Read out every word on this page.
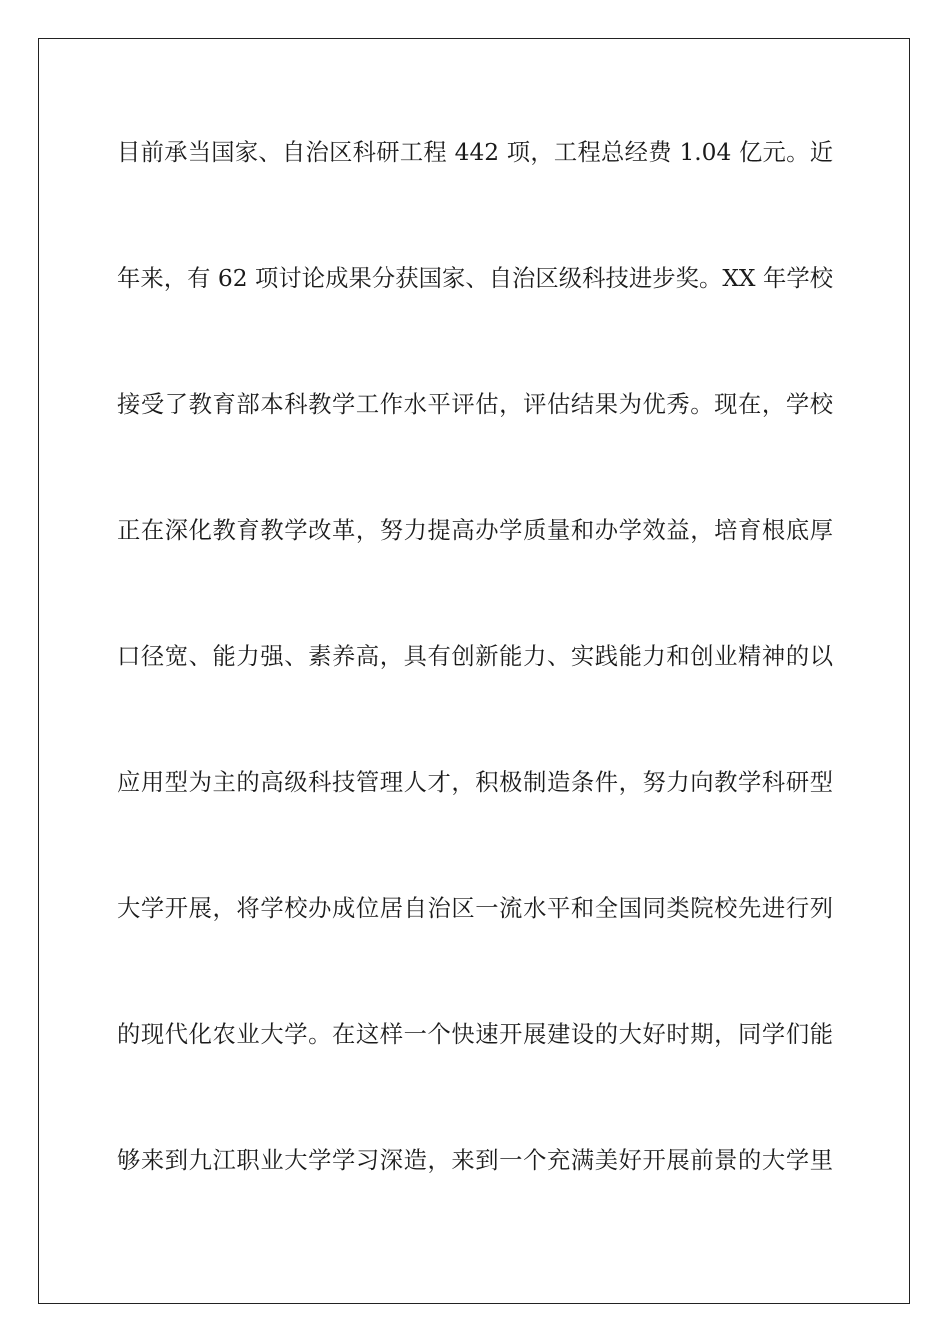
目前承当国家、自治区科研工程 442 项，工程总经费 1.04 亿元。近
年来，有 62 项讨论成果分获国家、自治区级科技进步奖。XX 年学校
接受了教育部本科教学工作水平评估，评估结果为优秀。现在，学校
正在深化教育教学改革，努力提高办学质量和办学效益，培育根底厚
口径宽、能力强、素养高，具有创新能力、实践能力和创业精神的以
应用型为主的高级科技管理人才，积极制造条件，努力向教学科研型
大学开展，将学校办成位居自治区一流水平和全国同类院校先进行列
的现代化农业大学。在这样一个快速开展建设的大好时期，同学们能
够来到九江职业大学学习深造，来到一个充满美好开展前景的大学里
